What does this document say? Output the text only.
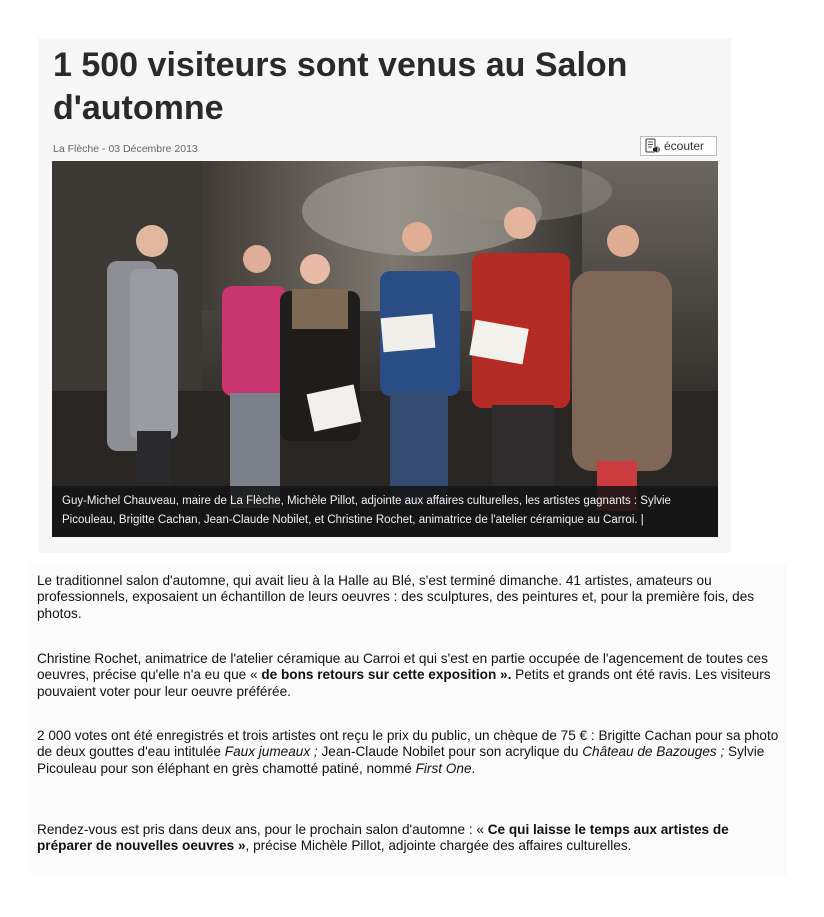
1 500 visiteurs sont venus au Salon d'automne
La Flèche - 03 Décembre 2013	écouter
Guy-Michel Chauveau, maire de La Flèche, Michèle Pillot, adjointe aux affaires culturelles, les artistes gagnants : Sylvie Picouleau, Brigitte Cachan, Jean-Claude Nobilet, et Christine Rochet, animatrice de l'atelier céramique au Carroi. |

Le traditionnel salon d'automne, qui avait lieu à la Halle au Blé, s'est terminé dimanche. 41 artistes, amateurs ou professionnels, exposaient un échantillon de leurs oeuvres : des sculptures, des peintures et, pour la première fois, des photos.

Christine Rochet, animatrice de l'atelier céramique au Carroi et qui s'est en partie occupée de l'agencement de toutes ces oeuvres, précise qu'elle n'a eu que « de bons retours sur cette exposition ». Petits et grands ont été ravis. Les visiteurs pouvaient voter pour leur oeuvre préférée.

2 000 votes ont été enregistrés et trois artistes ont reçu le prix du public, un chèque de 75 € : Brigitte Cachan pour sa photo de deux gouttes d'eau intitulée Faux jumeaux ; Jean-Claude Nobilet pour son acrylique du Château de Bazouges ; Sylvie Picouleau pour son éléphant en grès chamotté patiné, nommé First One.

Rendez-vous est pris dans deux ans, pour le prochain salon d'automne : « Ce qui laisse le temps aux artistes de préparer de nouvelles oeuvres », précise Michèle Pillot, adjointe chargée des affaires culturelles.
